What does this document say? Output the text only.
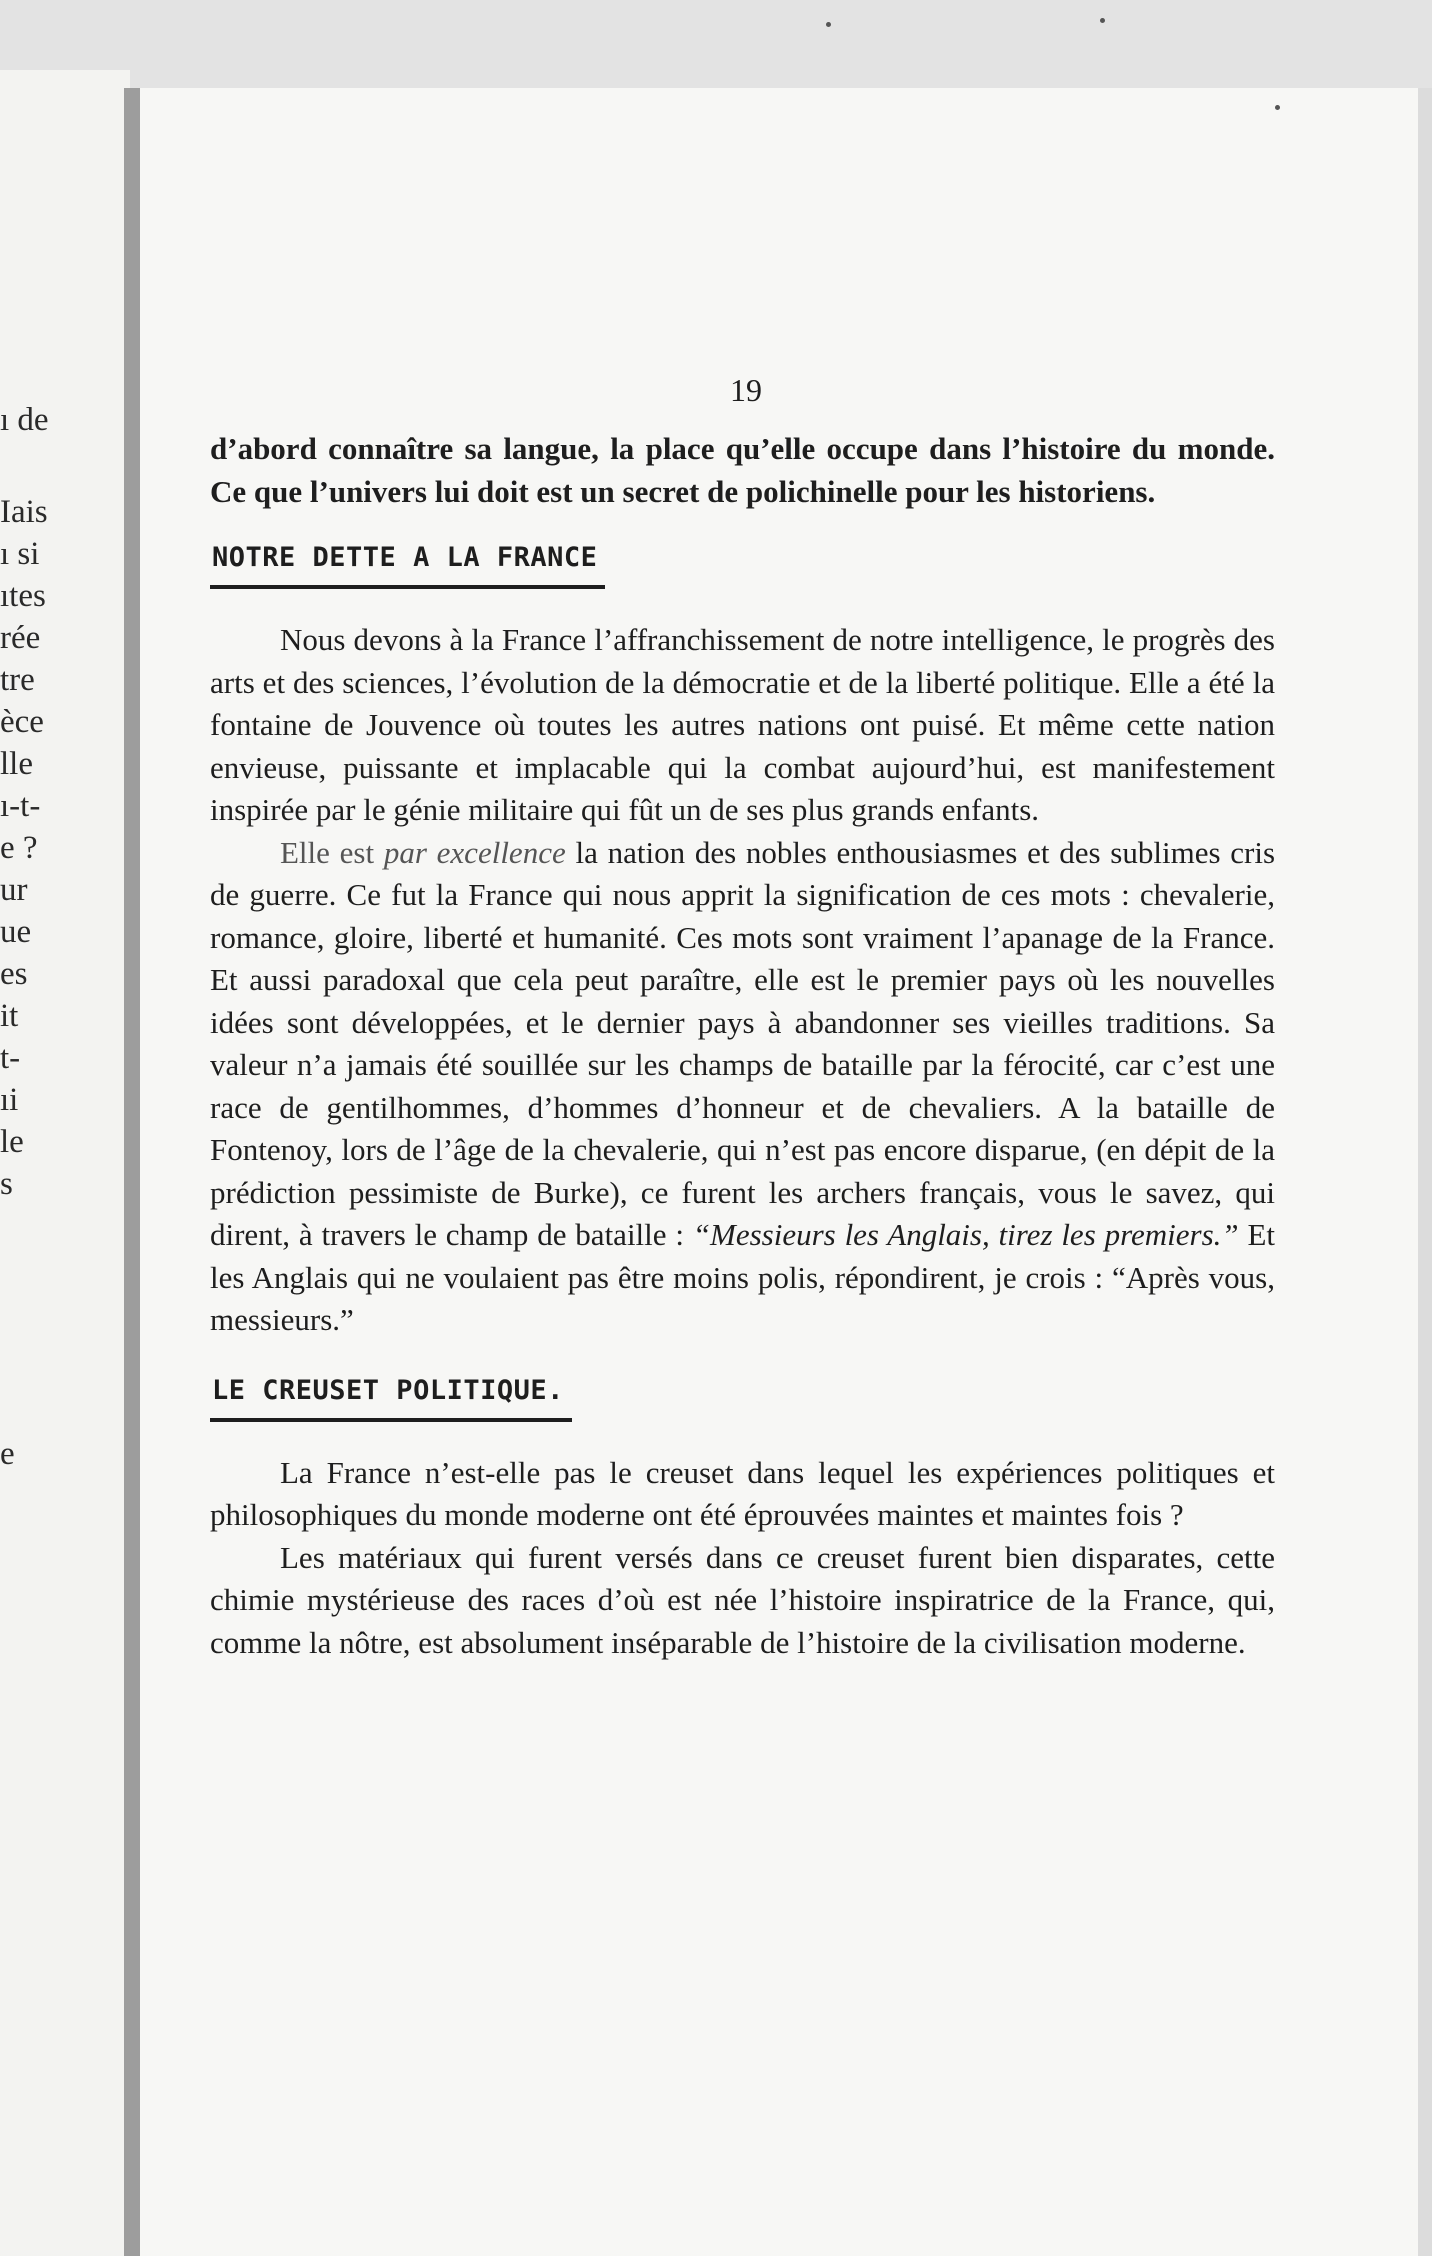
ı de
Iais
ı si
ıtes
rée
tre
èce
lle
ı-t-
e ?
ur
ue
es
it
t-
ıi
le
s
e
19

d’abord connaître sa langue, la place qu’elle occupe dans l’histoire du monde. Ce que l’univers lui doit est un secret de polichinelle pour les historiens.

NOTRE DETTE A LA FRANCE

Nous devons à la France l’affranchissement de notre intelligence, le progrès des arts et des sciences, l’évolution de la démocratie et de la liberté politique. Elle a été la fontaine de Jouvence où toutes les autres nations ont puisé. Et même cette nation envieuse, puissante et implacable qui la combat aujourd’hui, est manifestement inspirée par le génie militaire qui fût un de ses plus grands enfants.

Elle est par excellence la nation des nobles enthousiasmes et des sublimes cris de guerre. Ce fut la France qui nous apprit la signification de ces mots : chevalerie, romance, gloire, liberté et humanité. Ces mots sont vraiment l’apanage de la France. Et aussi paradoxal que cela peut paraître, elle est le premier pays où les nouvelles idées sont développées, et le dernier pays à abandonner ses vieilles traditions. Sa valeur n’a jamais été souillée sur les champs de bataille par la férocité, car c’est une race de gentilhommes, d’hommes d’honneur et de chevaliers. A la bataille de Fontenoy, lors de l’âge de la chevalerie, qui n’est pas encore disparue, (en dépit de la prédiction pessimiste de Burke), ce furent les archers français, vous le savez, qui dirent, à travers le champ de bataille : “Messieurs les Anglais, tirez les premiers.” Et les Anglais qui ne voulaient pas être moins polis, répondirent, je crois : “Après vous, messieurs.”

LE CREUSET POLITIQUE.

La France n’est-elle pas le creuset dans lequel les expériences politiques et philosophiques du monde moderne ont été éprouvées maintes et maintes fois ?

Les matériaux qui furent versés dans ce creuset furent bien disparates, cette chimie mystérieuse des races d’où est née l’histoire inspiratrice de la France, qui, comme la nôtre, est absolument inséparable de l’histoire de la civilisation moderne.
